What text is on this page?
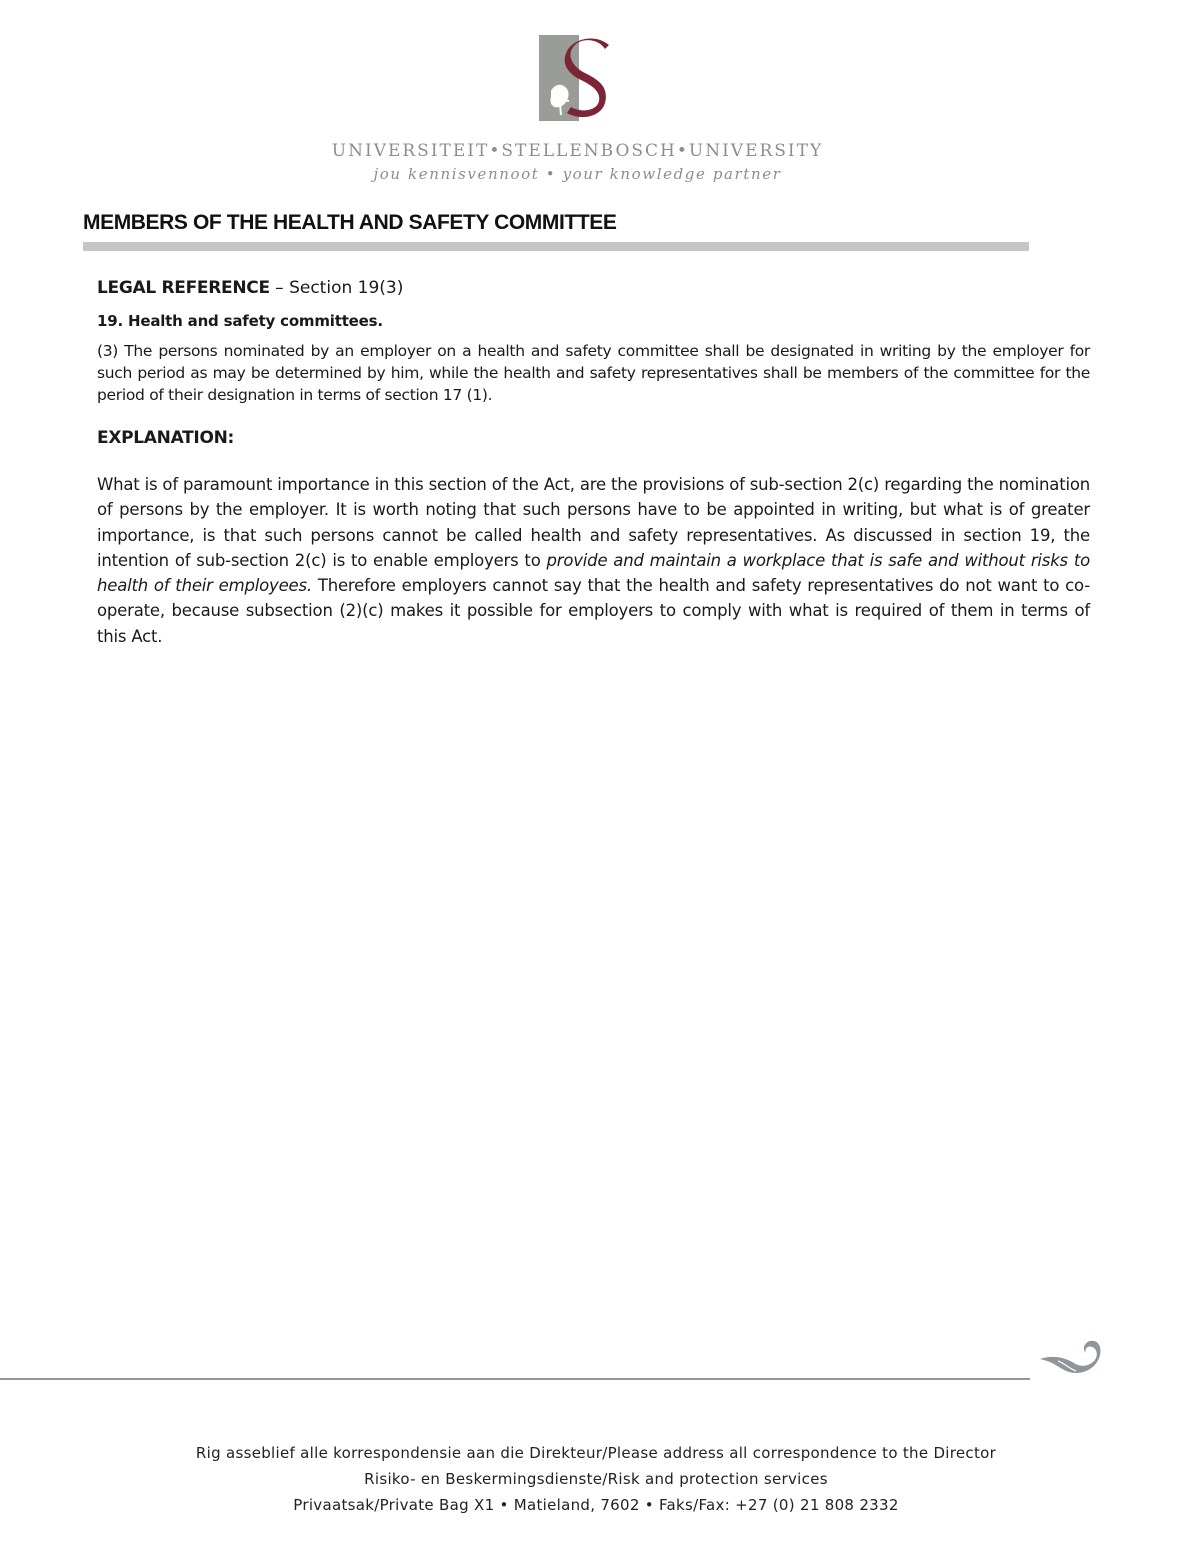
UNIVERSITEIT•STELLENBOSCH•UNIVERSITY
jou kennisvennoot • your knowledge partner
MEMBERS OF THE HEALTH AND SAFETY COMMITTEE

LEGAL REFERENCE – Section 19(3)

19. Health and safety committees.

(3) The persons nominated by an employer on a health and safety committee shall be designated in writing by the employer for such period as may be determined by him, while the health and safety representatives shall be members of the committee for the period of their designation in terms of section 17 (1).

EXPLANATION:

What is of paramount importance in this section of the Act, are the provisions of sub-section 2(c) regarding the nomination of persons by the employer. It is worth noting that such persons have to be appointed in writing, but what is of greater importance, is that such persons cannot be called health and safety representatives. As discussed in section 19, the intention of sub-section 2(c) is to enable employers to provide and maintain a workplace that is safe and without risks to health of their employees. Therefore employers cannot say that the health and safety representatives do not want to co-operate, because subsection (2)(c) makes it possible for employers to comply with what is required of them in terms of this Act.

Rig asseblief alle korrespondensie aan die Direkteur/Please address all correspondence to the Director
Risiko- en Beskermingsdienste/Risk and protection services
Privaatsak/Private Bag X1 • Matieland, 7602 • Faks/Fax: +27 (0) 21 808 2332
